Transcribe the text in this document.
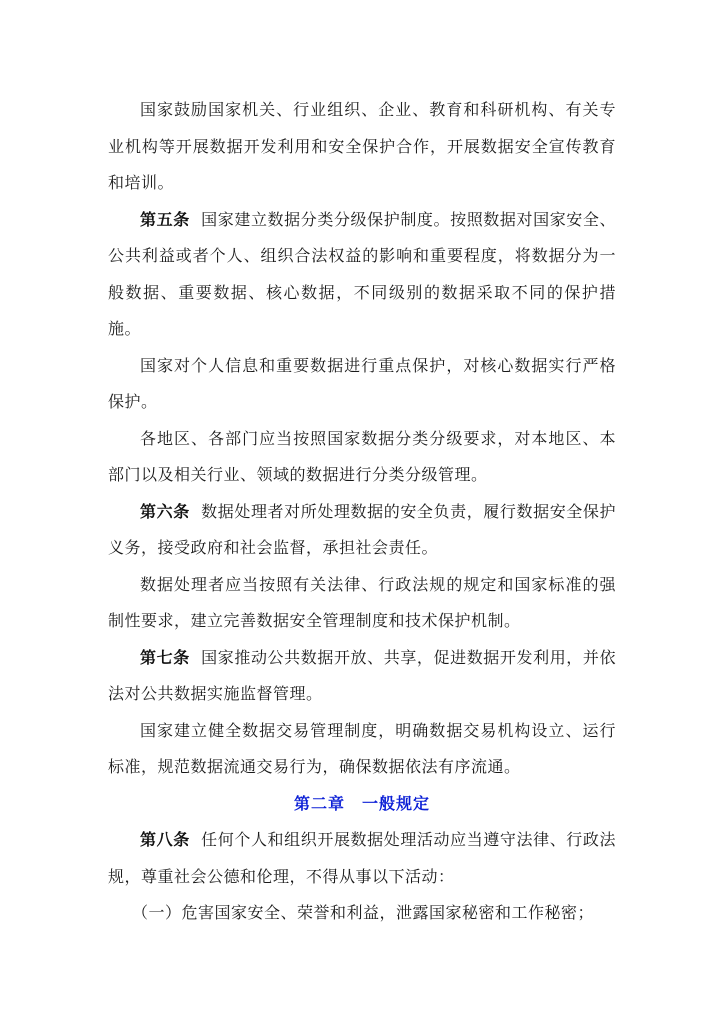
国家鼓励国家机关、行业组织、企业、教育和科研机构、有关专业机构等开展数据开发利用和安全保护合作，开展数据安全宣传教育和培训。

第五条 国家建立数据分类分级保护制度。按照数据对国家安全、公共利益或者个人、组织合法权益的影响和重要程度，将数据分为一般数据、重要数据、核心数据，不同级别的数据采取不同的保护措施。

国家对个人信息和重要数据进行重点保护，对核心数据实行严格保护。

各地区、各部门应当按照国家数据分类分级要求，对本地区、本部门以及相关行业、领域的数据进行分类分级管理。

第六条 数据处理者对所处理数据的安全负责，履行数据安全保护义务，接受政府和社会监督，承担社会责任。

数据处理者应当按照有关法律、行政法规的规定和国家标准的强制性要求，建立完善数据安全管理制度和技术保护机制。

第七条 国家推动公共数据开放、共享，促进数据开发利用，并依法对公共数据实施监督管理。

国家建立健全数据交易管理制度，明确数据交易机构设立、运行标准，规范数据流通交易行为，确保数据依法有序流通。

第二章　一般规定

第八条 任何个人和组织开展数据处理活动应当遵守法律、行政法规，尊重社会公德和伦理，不得从事以下活动：

（一）危害国家安全、荣誉和利益，泄露国家秘密和工作秘密；
